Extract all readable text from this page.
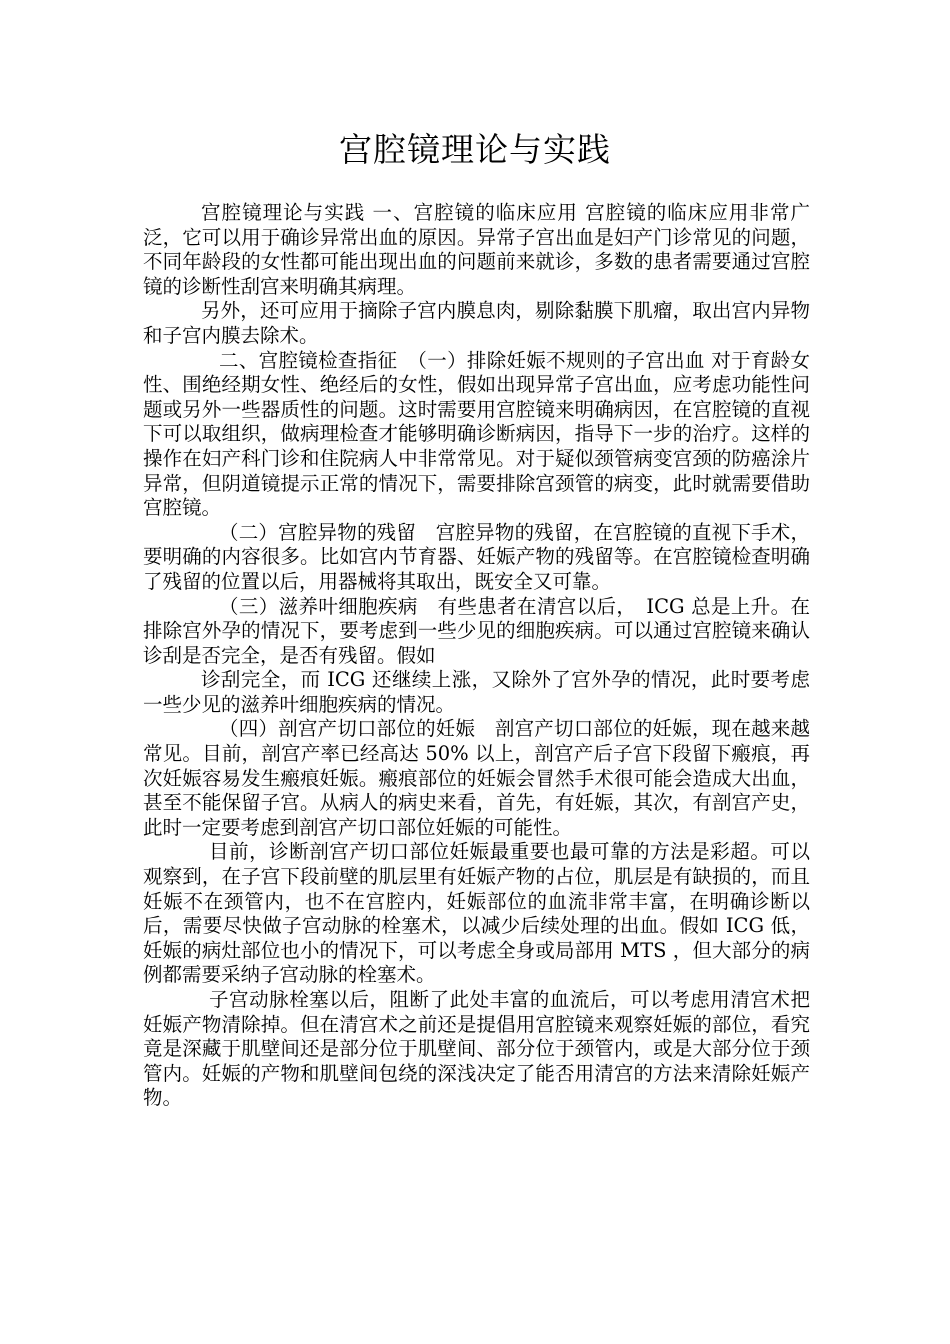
宫腔镜理论与实践

宫腔镜理论与实践 一、宫腔镜的临床应用 宫腔镜的临床应用非常广泛，它可以用于确诊异常出血的原因。异常子宫出血是妇产门诊常见的问题，不同年龄段的女性都可能出现出血的问题前来就诊，多数的患者需要通过宫腔镜的诊断性刮宫来明确其病理。

另外，还可应用于摘除子宫内膜息肉，剔除黏膜下肌瘤，取出宫内异物和子宫内膜去除术。

二、宫腔镜检查指征　（一）排除妊娠不规则的子宫出血 对于育龄女性、围绝经期女性、绝经后的女性，假如出现异常子宫出血，应考虑功能性问题或另外一些器质性的问题。这时需要用宫腔镜来明确病因，在宫腔镜的直视下可以取组织，做病理检查才能够明确诊断病因，指导下一步的治疗。这样的操作在妇产科门诊和住院病人中非常常见。对于疑似颈管病变宫颈的防癌涂片异常，但阴道镜提示正常的情况下，需要排除宫颈管的病变，此时就需要借助宫腔镜。

（二）宫腔异物的残留　宫腔异物的残留，在宫腔镜的直视下手术，要明确的内容很多。比如宫内节育器、妊娠产物的残留等。在宫腔镜检查明确了残留的位置以后，用器械将其取出，既安全又可靠。

（三）滋养叶细胞疾病　有些患者在清宫以后，　ICG 总是上升。在排除宫外孕的情况下，要考虑到一些少见的细胞疾病。可以通过宫腔镜来确认诊刮是否完全，是否有残留。假如

诊刮完全，而 ICG 还继续上涨，又除外了宫外孕的情况，此时要考虑一些少见的滋养叶细胞疾病的情况。

（四）剖宫产切口部位的妊娠　剖宫产切口部位的妊娠，现在越来越常见。目前，剖宫产率已经高达 50% 以上，剖宫产后子宫下段留下瘢痕，再次妊娠容易发生瘢痕妊娠。瘢痕部位的妊娠会冒然手术很可能会造成大出血，甚至不能保留子宫。从病人的病史来看，首先，有妊娠，其次，有剖宫产史，此时一定要考虑到剖宫产切口部位妊娠的可能性。

目前，诊断剖宫产切口部位妊娠最重要也最可靠的方法是彩超。可以观察到，在子宫下段前壁的肌层里有妊娠产物的占位，肌层是有缺损的，而且妊娠不在颈管内，也不在宫腔内，妊娠部位的血流非常丰富，在明确诊断以后，需要尽快做子宫动脉的栓塞术，以减少后续处理的出血。假如 ICG 低，妊娠的病灶部位也小的情况下，可以考虑全身或局部用 MTS ，但大部分的病例都需要采纳子宫动脉的栓塞术。

子宫动脉栓塞以后，阻断了此处丰富的血流后，可以考虑用清宫术把妊娠产物清除掉。但在清宫术之前还是提倡用宫腔镜来观察妊娠的部位，看究竟是深藏于肌壁间还是部分位于肌壁间、部分位于颈管内，或是大部分位于颈管内。妊娠的产物和肌壁间包绕的深浅决定了能否用清宫的方法来清除妊娠产物。
